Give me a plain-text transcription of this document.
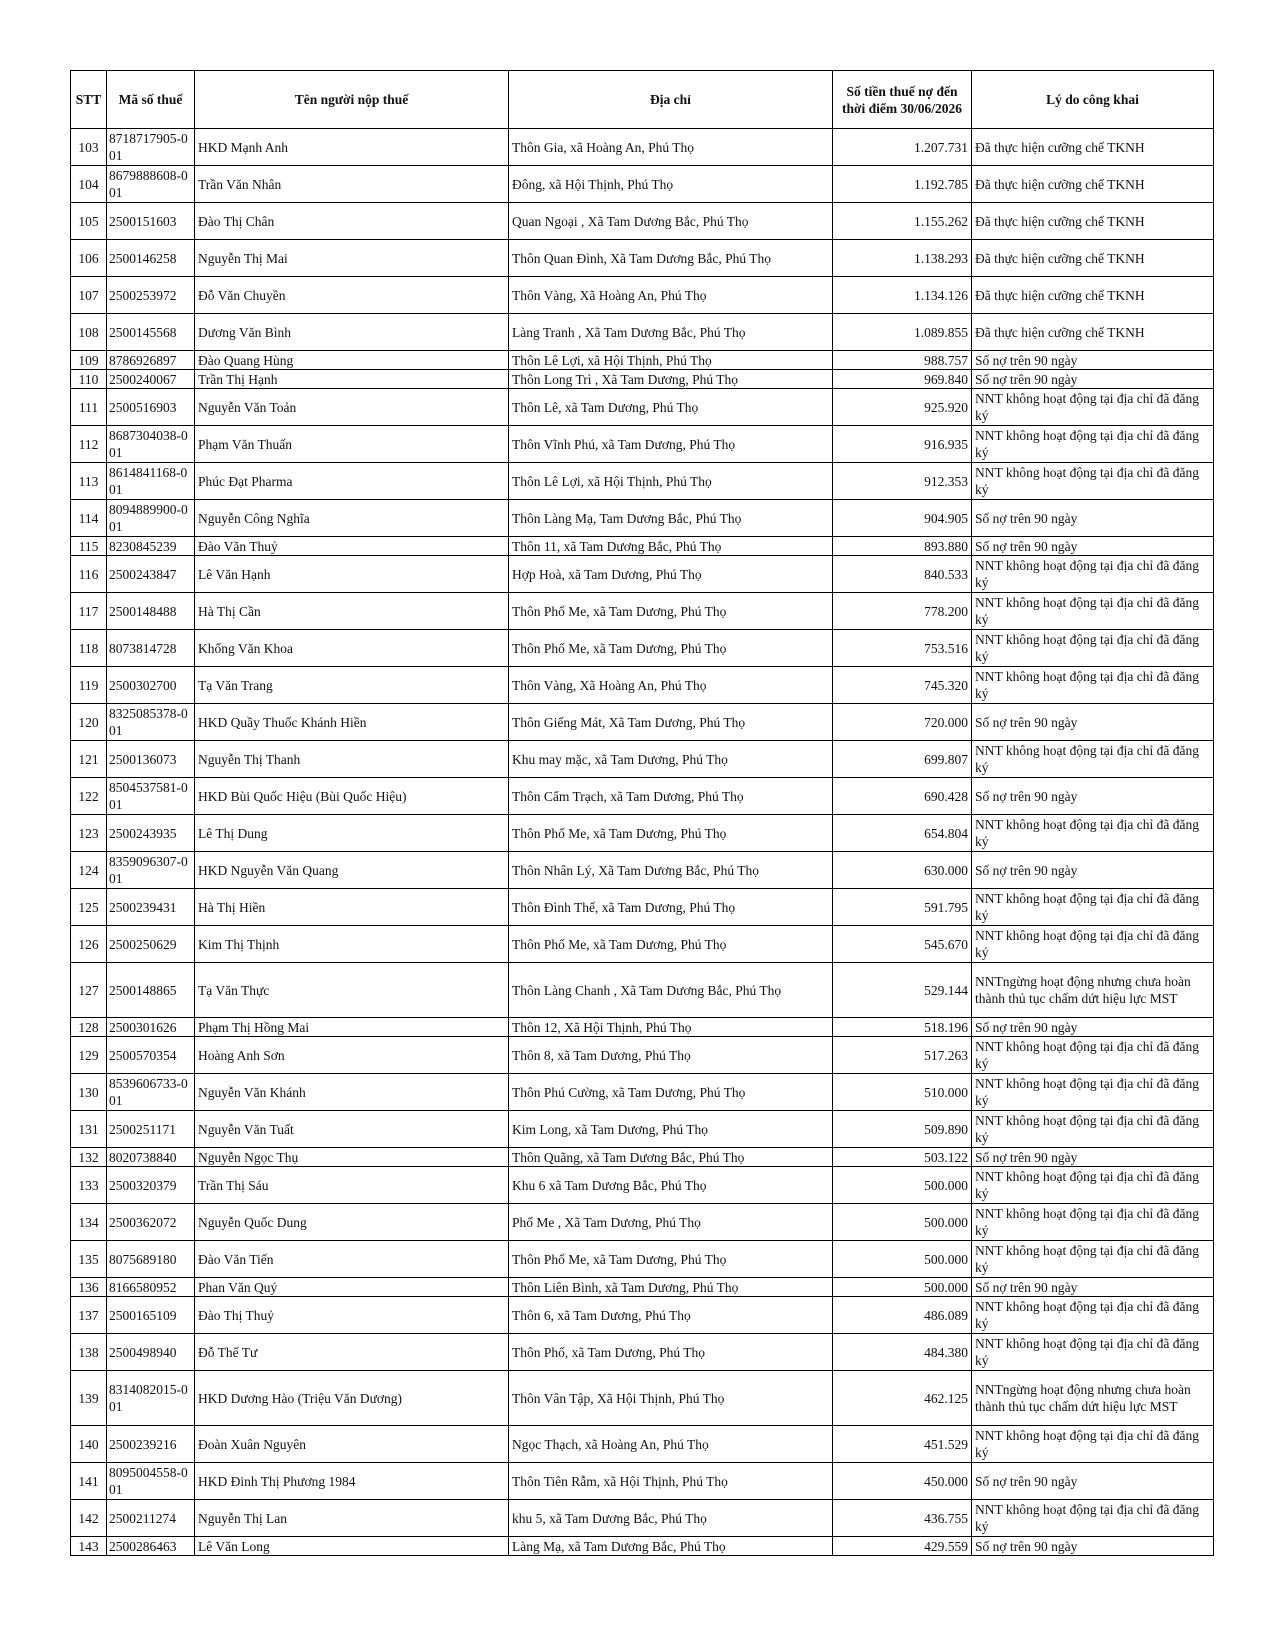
STT	Mã số thuế	Tên người nộp thuế	Địa chỉ	Số tiền thuế nợ đến thời điểm 30/06/2026	Lý do công khai
103	8718717905-001	HKD Mạnh Anh	Thôn Gia, xã Hoàng An, Phú Thọ	1.207.731	Đã thực hiện cưỡng chế TKNH
104	8679888608-001	Trần Văn Nhân	Đông, xã Hội Thịnh, Phú Thọ	1.192.785	Đã thực hiện cưỡng chế TKNH
105	2500151603	Đào Thị Chân	Quan Ngoại , Xã Tam Dương Bắc, Phú Thọ	1.155.262	Đã thực hiện cưỡng chế TKNH
106	2500146258	Nguyễn Thị Mai	Thôn Quan Đình, Xã Tam Dương Bắc, Phú Thọ	1.138.293	Đã thực hiện cưỡng chế TKNH
107	2500253972	Đỗ Văn Chuyền	Thôn Vàng, Xã Hoàng An, Phú Thọ	1.134.126	Đã thực hiện cưỡng chế TKNH
108	2500145568	Dương Văn Bình	Làng Tranh , Xã Tam Dương Bắc, Phú Thọ	1.089.855	Đã thực hiện cưỡng chế TKNH
109	8786926897	Đào Quang Hùng	Thôn Lê Lợi, xã Hội Thịnh, Phú Thọ	988.757	Số nợ trên 90 ngày
110	2500240067	Trần Thị Hạnh	Thôn Long Trì , Xã Tam Dương, Phú Thọ	969.840	Số nợ trên 90 ngày
111	2500516903	Nguyễn Văn Toản	Thôn Lê, xã Tam Dương, Phú Thọ	925.920	NNT không hoạt động tại địa chỉ đã đăng ký
112	8687304038-001	Phạm Văn Thuấn	Thôn Vĩnh Phú, xã Tam Dương, Phú Thọ	916.935	NNT không hoạt động tại địa chỉ đã đăng ký
113	8614841168-001	Phúc Đạt Pharma	Thôn Lê Lợi, xã Hội Thịnh, Phú Thọ	912.353	NNT không hoạt động tại địa chỉ đã đăng ký
114	8094889900-001	Nguyễn Công Nghĩa	Thôn Làng Mạ, Tam Dương Bắc, Phú Thọ	904.905	Số nợ trên 90 ngày
115	8230845239	Đào Văn Thuỷ	Thôn 11, xã Tam Dương Bắc, Phú Thọ	893.880	Số nợ trên 90 ngày
116	2500243847	Lê Văn Hạnh	Hợp Hoà, xã Tam Dương, Phú Thọ	840.533	NNT không hoạt động tại địa chỉ đã đăng ký
117	2500148488	Hà Thị Cần	Thôn Phố Me, xã Tam Dương, Phú Thọ	778.200	NNT không hoạt động tại địa chỉ đã đăng ký
118	8073814728	Khổng Văn Khoa	Thôn Phố Me, xã Tam Dương, Phú Thọ	753.516	NNT không hoạt động tại địa chỉ đã đăng ký
119	2500302700	Tạ Văn Trang	Thôn Vàng, Xã Hoàng An, Phú Thọ	745.320	NNT không hoạt động tại địa chỉ đã đăng ký
120	8325085378-001	HKD Quầy Thuốc Khánh Hiền	Thôn Giếng Mát, Xã Tam Dương, Phú Thọ	720.000	Số nợ trên 90 ngày
121	2500136073	Nguyễn Thị Thanh	Khu may mặc, xã Tam Dương, Phú Thọ	699.807	NNT không hoạt động tại địa chỉ đã đăng ký
122	8504537581-001	HKD Bùi Quốc Hiệu (Bùi Quốc Hiệu)	Thôn Cẩm Trạch, xã Tam Dương, Phú Thọ	690.428	Số nợ trên 90 ngày
123	2500243935	Lê Thị Dung	Thôn Phố Me, xã Tam Dương, Phú Thọ	654.804	NNT không hoạt động tại địa chỉ đã đăng ký
124	8359096307-001	HKD Nguyễn Văn Quang	Thôn Nhân Lý, Xã Tam Dương Bắc, Phú Thọ	630.000	Số nợ trên 90 ngày
125	2500239431	Hà Thị Hiền	Thôn Đình Thế, xã Tam Dương, Phú Thọ	591.795	NNT không hoạt động tại địa chỉ đã đăng ký
126	2500250629	Kim Thị Thịnh	Thôn Phố Me, xã Tam Dương, Phú Thọ	545.670	NNT không hoạt động tại địa chỉ đã đăng ký
127	2500148865	Tạ Văn Thực	Thôn Làng Chanh , Xã Tam Dương Bắc, Phú Thọ	529.144	NNTngừng hoạt động nhưng chưa hoàn thành thủ tục chấm dứt hiệu lực MST
128	2500301626	Phạm Thị Hồng Mai	Thôn 12, Xã Hội Thịnh, Phú Thọ	518.196	Số nợ trên 90 ngày
129	2500570354	Hoàng Anh Sơn	Thôn 8, xã Tam Dương, Phú Thọ	517.263	NNT không hoạt động tại địa chỉ đã đăng ký
130	8539606733-001	Nguyễn Văn Khánh	Thôn Phú Cường, xã Tam Dương, Phú Thọ	510.000	NNT không hoạt động tại địa chỉ đã đăng ký
131	2500251171	Nguyễn Văn Tuất	Kim Long, xã Tam Dương, Phú Thọ	509.890	NNT không hoạt động tại địa chỉ đã đăng ký
132	8020738840	Nguyễn Ngọc Thụ	Thôn Quãng, xã Tam Dương Bắc, Phú Thọ	503.122	Số nợ trên 90 ngày
133	2500320379	Trần Thị Sáu	Khu 6 xã Tam Dương Bắc, Phú Thọ	500.000	NNT không hoạt động tại địa chỉ đã đăng ký
134	2500362072	Nguyễn Quốc Dung	Phố Me , Xã Tam Dương, Phú Thọ	500.000	NNT không hoạt động tại địa chỉ đã đăng ký
135	8075689180	Đào Văn Tiến	Thôn Phố Me, xã Tam Dương, Phú Thọ	500.000	NNT không hoạt động tại địa chỉ đã đăng ký
136	8166580952	Phan Văn Quý	Thôn Liên Bình, xã Tam Dương, Phú Thọ	500.000	Số nợ trên 90 ngày
137	2500165109	Đào Thị Thuỷ	Thôn 6, xã Tam Dương, Phú Thọ	486.089	NNT không hoạt động tại địa chỉ đã đăng ký
138	2500498940	Đỗ Thế Tư	Thôn Phố, xã Tam Dương, Phú Thọ	484.380	NNT không hoạt động tại địa chỉ đã đăng ký
139	8314082015-001	HKD Dương Hào (Triệu Văn Dương)	Thôn Vân Tập, Xã Hội Thịnh, Phú Thọ	462.125	NNTngừng hoạt động nhưng chưa hoàn thành thủ tục chấm dứt hiệu lực MST
140	2500239216	Đoàn Xuân Nguyên	Ngọc Thạch, xã Hoàng An, Phú Thọ	451.529	NNT không hoạt động tại địa chỉ đã đăng ký
141	8095004558-001	HKD Đinh Thị Phương 1984	Thôn Tiên Rẫm, xã Hội Thịnh, Phú Thọ	450.000	Số nợ trên 90 ngày
142	2500211274	Nguyễn Thị Lan	khu 5, xã Tam Dương Bắc, Phú Thọ	436.755	NNT không hoạt động tại địa chỉ đã đăng ký
143	2500286463	Lê Văn Long	Làng Mạ, xã Tam Dương Bắc, Phú Thọ	429.559	Số nợ trên 90 ngày
